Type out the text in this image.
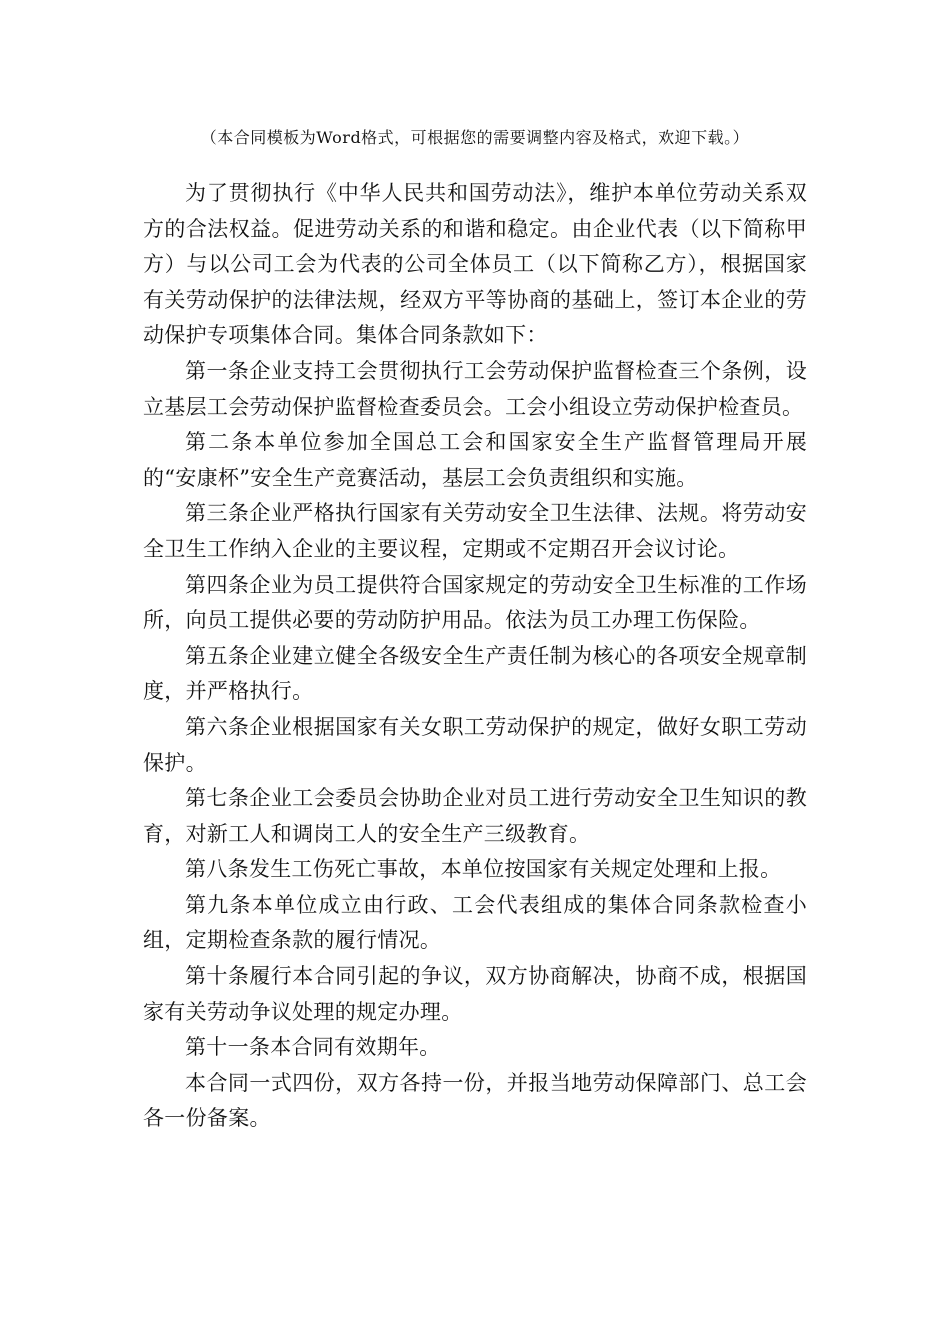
（本合同模板为Word格式，可根据您的需要调整内容及格式，欢迎下载。）

为了贯彻执行《中华人民共和国劳动法》，维护本单位劳动关系双方的合法权益。促进劳动关系的和谐和稳定。由企业代表（以下简称甲方）与以公司工会为代表的公司全体员工（以下简称乙方），根据国家有关劳动保护的法律法规，经双方平等协商的基础上，签订本企业的劳动保护专项集体合同。集体合同条款如下：

第一条企业支持工会贯彻执行工会劳动保护监督检查三个条例，设立基层工会劳动保护监督检查委员会。工会小组设立劳动保护检查员。

第二条本单位参加全国总工会和国家安全生产监督管理局开展的“安康杯”安全生产竞赛活动，基层工会负责组织和实施。

第三条企业严格执行国家有关劳动安全卫生法律、法规。将劳动安全卫生工作纳入企业的主要议程，定期或不定期召开会议讨论。

第四条企业为员工提供符合国家规定的劳动安全卫生标准的工作场所，向员工提供必要的劳动防护用品。依法为员工办理工伤保险。

第五条企业建立健全各级安全生产责任制为核心的各项安全规章制度，并严格执行。

第六条企业根据国家有关女职工劳动保护的规定，做好女职工劳动保护。

第七条企业工会委员会协助企业对员工进行劳动安全卫生知识的教育，对新工人和调岗工人的安全生产三级教育。

第八条发生工伤死亡事故，本单位按国家有关规定处理和上报。

第九条本单位成立由行政、工会代表组成的集体合同条款检查小组，定期检查条款的履行情况。

第十条履行本合同引起的争议，双方协商解决，协商不成，根据国家有关劳动争议处理的规定办理。

第十一条本合同有效期年。

本合同一式四份，双方各持一份，并报当地劳动保障部门、总工会各一份备案。
